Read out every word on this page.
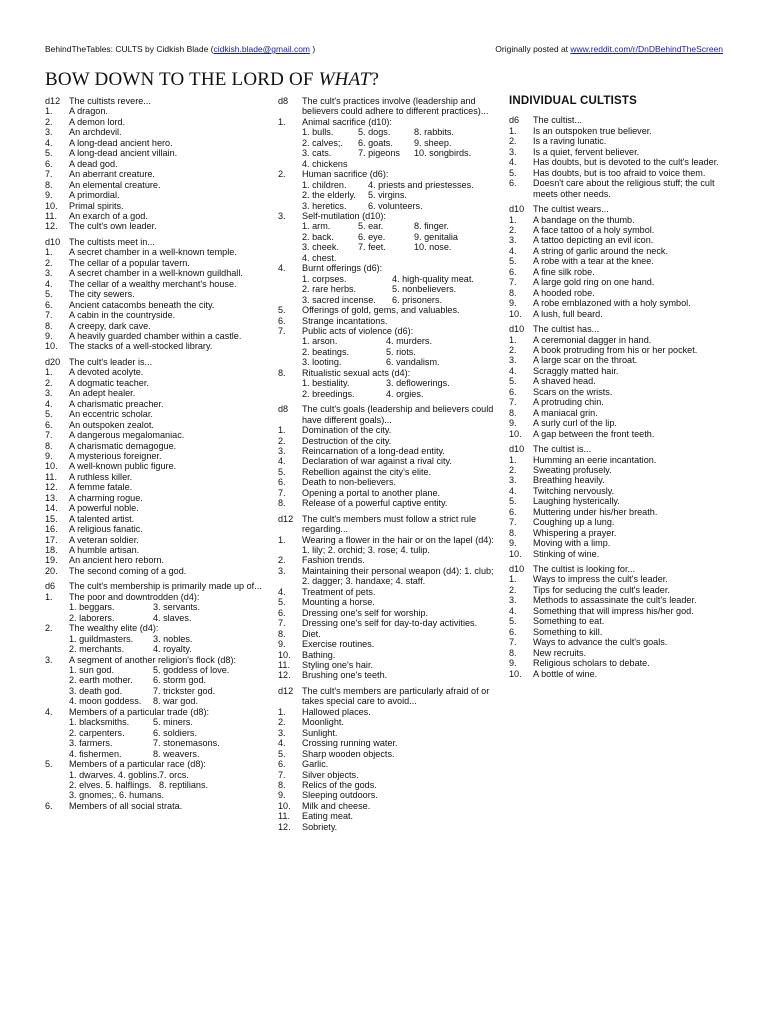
BehindTheTables: CULTS by Cidkish Blade (cidkish.blade@gmail.com )	Originally posted at www.reddit.com/r/DnDBehindTheScreen
BOW DOWN TO THE LORD OF WHAT?
d12 The cultists revere...
1.	A dragon.
2.	A demon lord.
3.	An archdevil.
4.	A long-dead ancient hero.
5.	A long-dead ancient villain.
6.	A dead god.
7.	An aberrant creature.
8.	An elemental creature.
9.	A primordial.
10.	Primal spirits.
11.	An exarch of a god.
12.	The cult's own leader.
d10 The cultists meet in...
1.	A secret chamber in a well-known temple.
2.	The cellar of a popular tavern.
3.	A secret chamber in a well-known guildhall.
4.	The cellar of a wealthy merchant's house.
5.	The city sewers.
6.	Ancient catacombs beneath the city.
7.	A cabin in the countryside.
8.	A creepy, dark cave.
9.	A heavily guarded chamber within a castle.
10.	The stacks of a well-stocked library.
d20 The cult's leader is...
1.	A devoted acolyte.
2.	A dogmatic teacher.
3.	An adept healer.
4.	A charismatic preacher.
5.	An eccentric scholar.
6.	An outspoken zealot.
7.	A dangerous megalomaniac.
8.	A charismatic demagogue.
9.	A mysterious foreigner.
10.	A well-known public figure.
11.	A ruthless killer.
12.	A femme fatale.
13.	A charming rogue.
14.	A powerful noble.
15.	A talented artist.
16.	A religious fanatic.
17.	A veteran soldier.
18.	A humble artisan.
19.	An ancient hero reborn.
20.	The second coming of a god.
d6	The cult's membership is primarily made up of...
1.	The poor and downtrodden (d4):
1. beggars.	3. servants.
2. laborers.	4. slaves.
2.	The wealthy elite (d4):
1. guildmasters.	3. nobles.
2. merchants.	4. royalty.
3.	A segment of another religion's flock (d8):
1. sun god.	5. goddess of love.
2. earth mother.	6. storm god.
3. death god.	7. trickster god.
4. moon goddess.	8. war god.
4.	Members of a particular trade (d8):
1. blacksmiths.	5. miners.
2. carpenters.	6. soldiers.
3. farmers.	7. stonemasons.
4. fishermen.	8. weavers.
5.	Members of a particular race (d8):
1. dwarves. 4. goblins. 7. orcs.
2. elves. 5. halflings. 8. reptilians.
3. gnomes;. 6. humans.
6.	Members of all social strata.
d8	The cult's practices involve (leadership and believers could adhere to different practices)...
1.	Animal sacrifice (d10):
1. bulls.	5. dogs.	8. rabbits.
2. calves;.	6. goats.	9. sheep.
3. cats.	7. pigeons	10. songbirds.
4. chickens
2.	Human sacrifice (d6):
1. children.	4. priests and priestesses.
2. the elderly.	5. virgins.
3. heretics.	6. volunteers.
3.	Self-mutilation (d10):
1. arm.	5. ear.	8. finger.
2. back.	6. eye.	9. genitalia
3. cheek.	7. feet.	10. nose.
4. chest.
4.	Burnt offerings (d6):
1. corpses.	4. high-quality meat.
2. rare herbs.	5. nonbelievers.
3. sacred incense.	6. prisoners.
5.	Offerings of gold, gems, and valuables.
6.	Strange incantations.
7.	Public acts of violence (d6):
1. arson.	4. murders.
2. beatings.	5. riots.
3. looting.	6. vandalism.
8.	Ritualistic sexual acts (d4):
1. bestiality.	3. deflowerings.
2. breedings.	4. orgies.
d8	The cult's goals (leadership and believers could have different goals)...
1.	Domination of the city.
2.	Destruction of the city.
3.	Reincarnation of a long-dead entity.
4.	Declaration of war against a rival city.
5.	Rebellion against the city's elite.
6.	Death to non-believers.
7.	Opening a portal to another plane.
8.	Release of a powerful captive entity.
d12 The cult's members must follow a strict rule regarding...
1.	Wearing a flower in the hair or on the lapel (d4): 1. lily; 2. orchid; 3. rose; 4. tulip.
2.	Fashion trends.
3.	Maintaining their personal weapon (d4): 1. club; 2. dagger; 3. handaxe; 4. staff.
4.	Treatment of pets.
5.	Mounting a horse.
6.	Dressing one's self for worship.
7.	Dressing one's self for day-to-day activities.
8.	Diet.
9.	Exercise routines.
10.	Bathing.
11.	Styling one's hair.
12.	Brushing one's teeth.
d12 The cult's members are particularly afraid of or takes special care to avoid...
1.	Hallowed places.
2.	Moonlight.
3.	Sunlight.
4.	Crossing running water.
5.	Sharp wooden objects.
6.	Garlic.
7.	Silver objects.
8.	Relics of the gods.
9.	Sleeping outdoors.
10.	Milk and cheese.
11.	Eating meat.
12.	Sobriety.
INDIVIDUAL CULTISTS
d6	The cultist...
1.	Is an outspoken true believer.
2.	Is a raving lunatic.
3.	Is a quiet, fervent believer.
4.	Has doubts, but is devoted to the cult's leader.
5.	Has doubts, but is too afraid to voice them.
6.	Doesn't care about the religious stuff; the cult meets other needs.
d10 The cultist wears...
1.	A bandage on the thumb.
2.	A face tattoo of a holy symbol.
3.	A tattoo depicting an evil icon.
4.	A string of garlic around the neck.
5.	A robe with a tear at the knee.
6.	A fine silk robe.
7.	A large gold ring on one hand.
8.	A hooded robe.
9.	A robe emblazoned with a holy symbol.
10.	A lush, full beard.
d10 The cultist has...
1.	A ceremonial dagger in hand.
2.	A book protruding from his or her pocket.
3.	A large scar on the throat.
4.	Scraggly matted hair.
5.	A shaved head.
6.	Scars on the wrists.
7.	A protruding chin.
8.	A maniacal grin.
9.	A surly curl of the lip.
10.	A gap between the front teeth.
d10 The cultist is...
1.	Humming an eerie incantation.
2.	Sweating profusely.
3.	Breathing heavily.
4.	Twitching nervously.
5.	Laughing hysterically.
6.	Muttering under his/her breath.
7.	Coughing up a lung.
8.	Whispering a prayer.
9.	Moving with a limp.
10.	Stinking of wine.
d10 The cultist is looking for...
1.	Ways to impress the cult's leader.
2.	Tips for seducing the cult's leader.
3.	Methods to assassinate the cult's leader.
4.	Something that will impress his/her god.
5.	Something to eat.
6.	Something to kill.
7.	Ways to advance the cult's goals.
8.	New recruits.
9.	Religious scholars to debate.
10.	A bottle of wine.
